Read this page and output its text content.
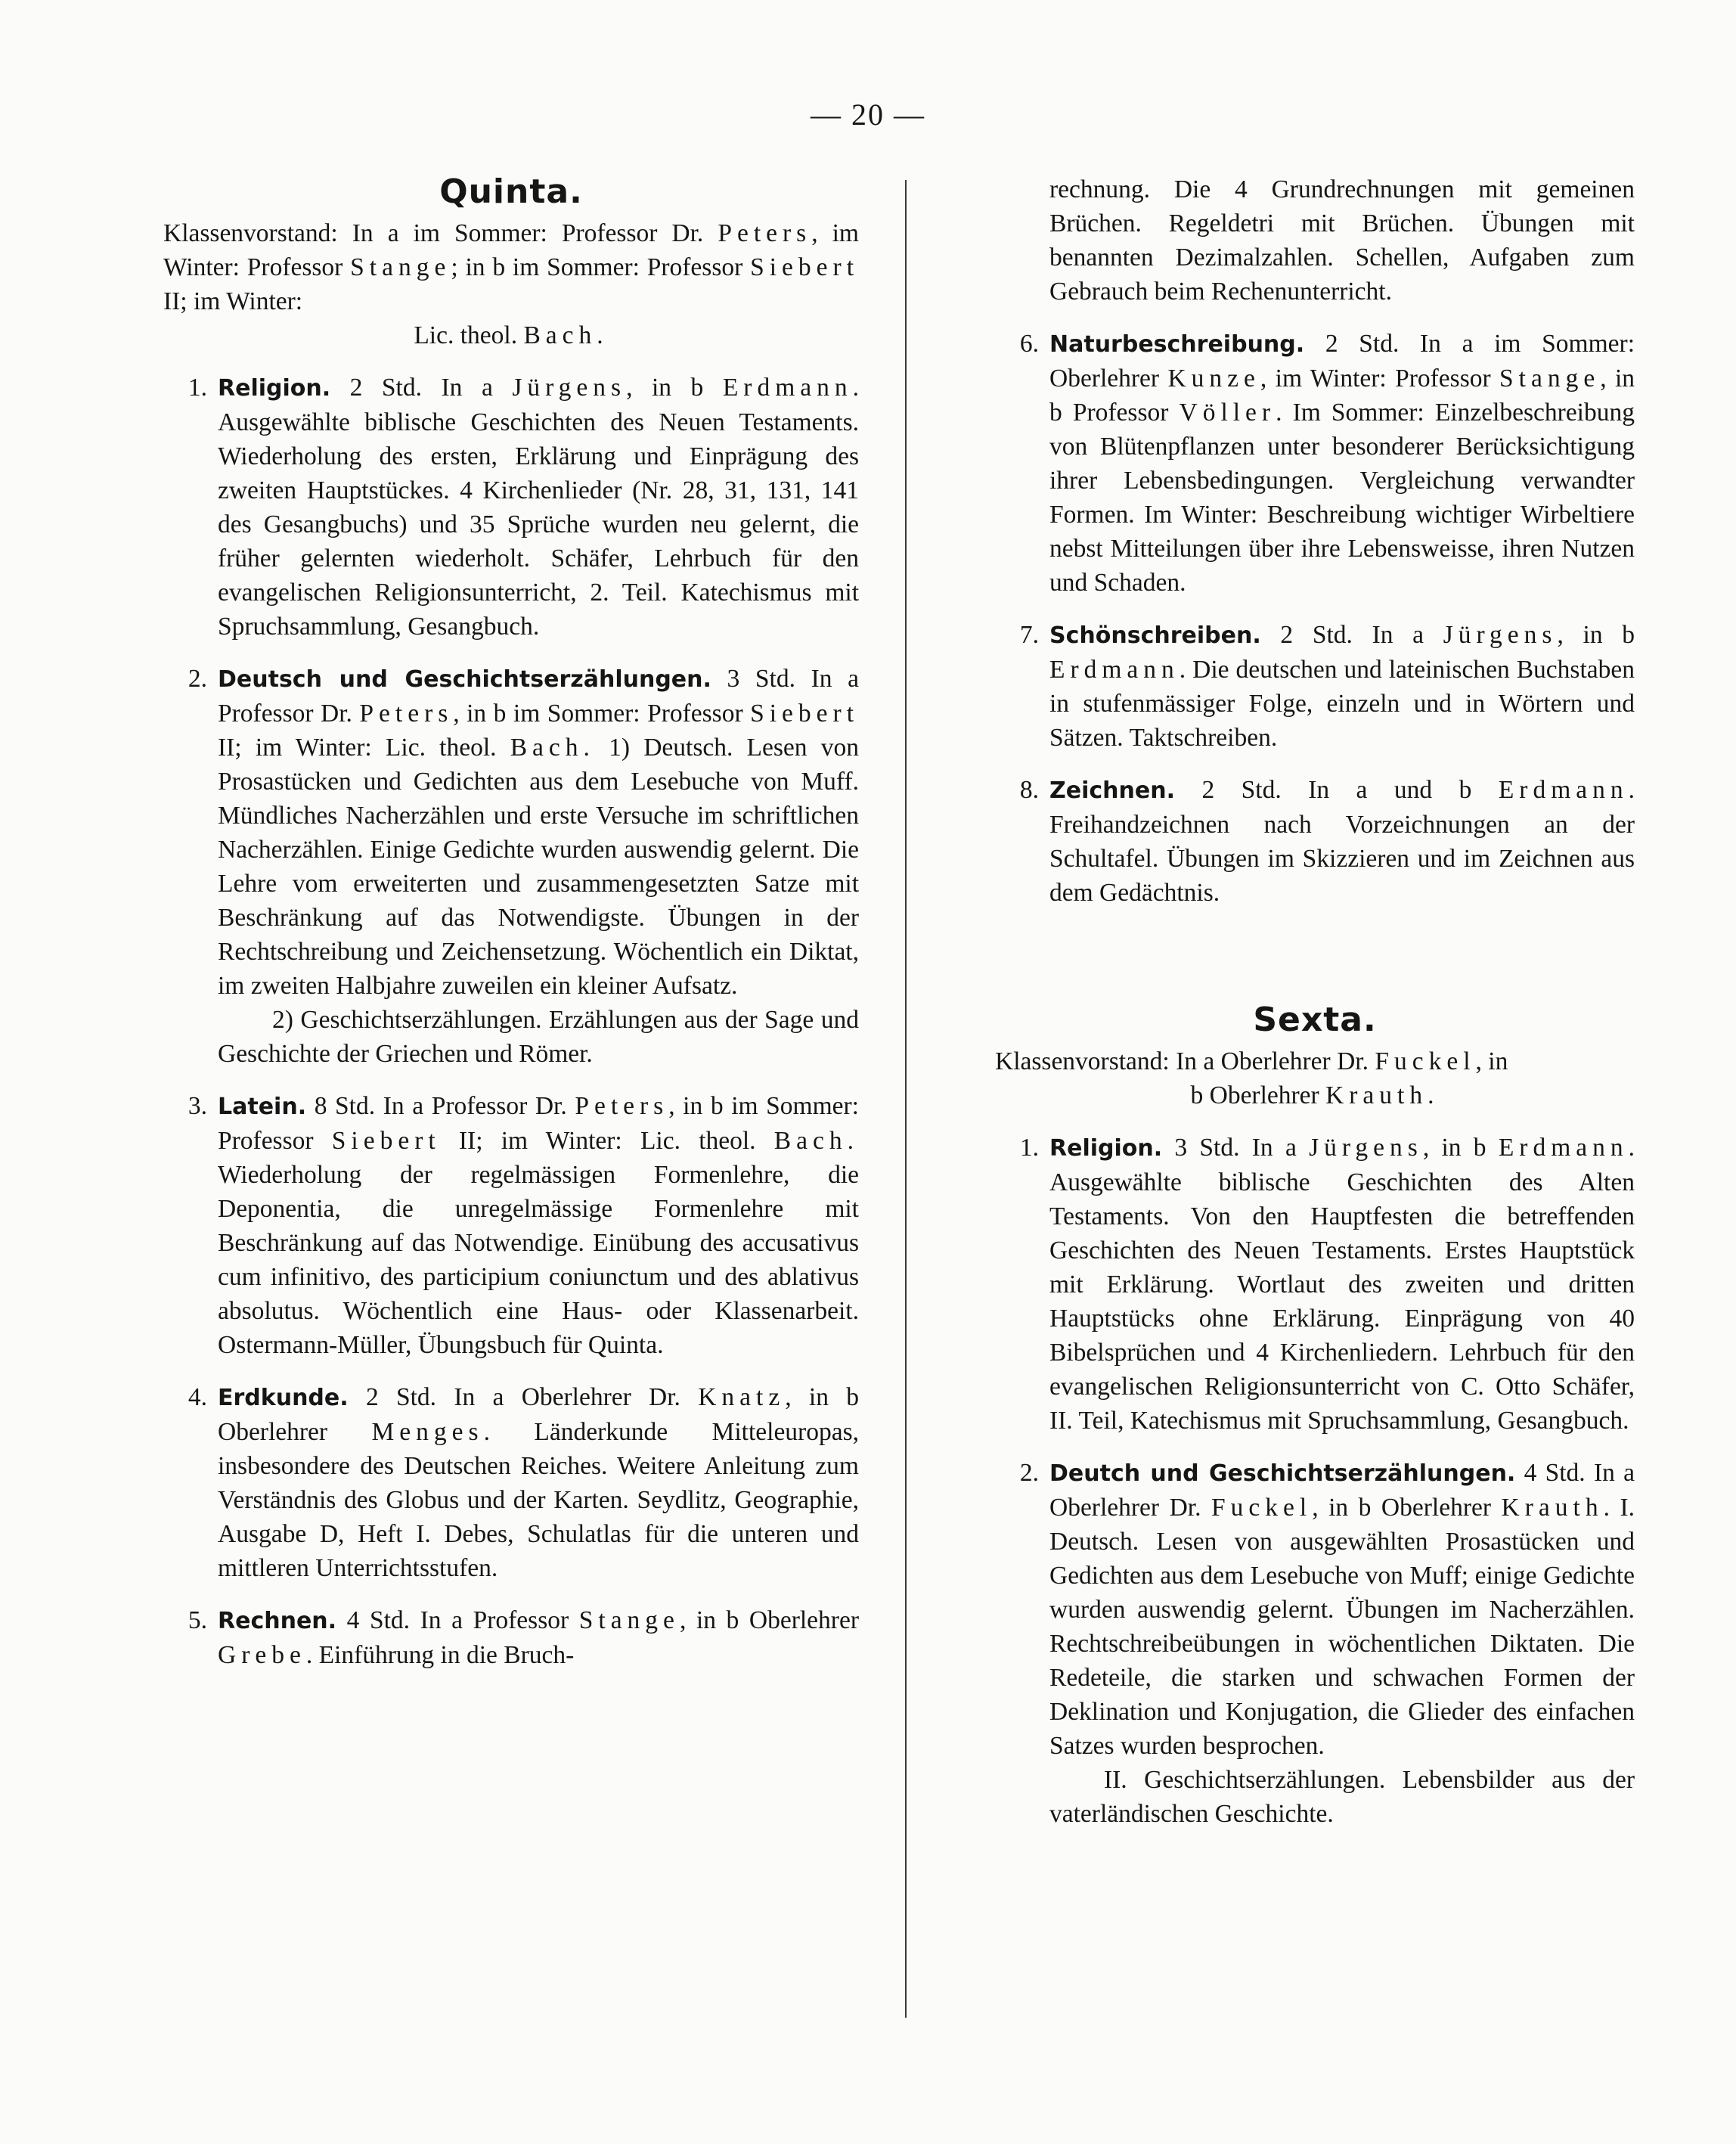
— 20 —
Quinta.
Klassenvorstand: In a im Sommer: Professor Dr. Peters, im Winter: Professor Stange; in b im Sommer: Professor Siebert II; im Winter:
Lic. theol. Bach.
1. Religion. 2 Std. In a Jürgens, in b Erdmann. Ausgewählte biblische Geschichten des Neuen Testaments. Wiederholung des ersten, Erklärung und Einprägung des zweiten Hauptstückes. 4 Kirchenlieder (Nr. 28, 31, 131, 141 des Gesangbuchs) und 35 Sprüche wurden neu gelernt, die früher gelernten wiederholt. Schäfer, Lehrbuch für den evangelischen Religionsunterricht, 2. Teil. Katechismus mit Spruchsammlung, Gesangbuch.
2. Deutsch und Geschichtserzählungen. 3 Std. In a Professor Dr. Peters, in b im Sommer: Professor Siebert II; im Winter: Lic. theol. Bach. 1) Deutsch. Lesen von Prosastücken und Gedichten aus dem Lesebuche von Muff. Mündliches Nacherzählen und erste Versuche im schriftlichen Nacherzählen. Einige Gedichte wurden auswendig gelernt. Die Lehre vom erweiterten und zusammengesetzten Satze mit Beschränkung auf das Notwendigste. Übungen in der Rechtschreibung und Zeichensetzung. Wöchentlich ein Diktat, im zweiten Halbjahre zuweilen ein kleiner Aufsatz.
2) Geschichtserzählungen. Erzählungen aus der Sage und Geschichte der Griechen und Römer.
3. Latein. 8 Std. In a Professor Dr. Peters, in b im Sommer: Professor Siebert II; im Winter: Lic. theol. Bach. Wiederholung der regelmässigen Formenlehre, die Deponentia, die unregelmässige Formenlehre mit Beschränkung auf das Notwendige. Einübung des accusativus cum infinitivo, des participium coniunctum und des ablativus absolutus. Wöchentlich eine Haus- oder Klassenarbeit. Ostermann-Müller, Übungsbuch für Quinta.
4. Erdkunde. 2 Std. In a Oberlehrer Dr. Knatz, in b Oberlehrer Menges. Länderkunde Mitteleuropas, insbesondere des Deutschen Reiches. Weitere Anleitung zum Verständnis des Globus und der Karten. Seydlitz, Geographie, Ausgabe D, Heft I. Debes, Schulatlas für die unteren und mittleren Unterrichtsstufen.
5. Rechnen. 4 Std. In a Professor Stange, in b Oberlehrer Grebe. Einführung in die Bruch-
rechnung. Die 4 Grundrechnungen mit gemeinen Brüchen. Regeldetri mit Brüchen. Übungen mit benannten Dezimalzahlen. Schellen, Aufgaben zum Gebrauch beim Rechenunterricht.
6. Naturbeschreibung. 2 Std. In a im Sommer: Oberlehrer Kunze, im Winter: Professor Stange, in b Professor Völler. Im Sommer: Einzelbeschreibung von Blütenpflanzen unter besonderer Berücksichtigung ihrer Lebensbedingungen. Vergleichung verwandter Formen. Im Winter: Beschreibung wichtiger Wirbeltiere nebst Mitteilungen über ihre Lebensweisse, ihren Nutzen und Schaden.
7. Schönschreiben. 2 Std. In a Jürgens, in b Erdmann. Die deutschen und lateinischen Buchstaben in stufenmässiger Folge, einzeln und in Wörtern und Sätzen. Taktschreiben.
8. Zeichnen. 2 Std. In a und b Erdmann. Freihandzeichnen nach Vorzeichnungen an der Schultafel. Übungen im Skizzieren und im Zeichnen aus dem Gedächtnis.
Sexta.
Klassenvorstand: In a Oberlehrer Dr. Fuckel, in
b Oberlehrer Krauth.
1. Religion. 3 Std. In a Jürgens, in b Erdmann. Ausgewählte biblische Geschichten des Alten Testaments. Von den Hauptfesten die betreffenden Geschichten des Neuen Testaments. Erstes Hauptstück mit Erklärung. Wortlaut des zweiten und dritten Hauptstücks ohne Erklärung. Einprägung von 40 Bibelsprüchen und 4 Kirchenliedern. Lehrbuch für den evangelischen Religionsunterricht von C. Otto Schäfer, II. Teil, Katechismus mit Spruchsammlung, Gesangbuch.
2. Deutch und Geschichtserzählungen. 4 Std. In a Oberlehrer Dr. Fuckel, in b Oberlehrer Krauth. I. Deutsch. Lesen von ausgewählten Prosastücken und Gedichten aus dem Lesebuche von Muff; einige Gedichte wurden auswendig gelernt. Übungen im Nacherzählen. Rechtschreibeübungen in wöchentlichen Diktaten. Die Redeteile, die starken und schwachen Formen der Deklination und Konjugation, die Glieder des einfachen Satzes wurden besprochen.
II. Geschichtserzählungen. Lebensbilder aus der vaterländischen Geschichte.
